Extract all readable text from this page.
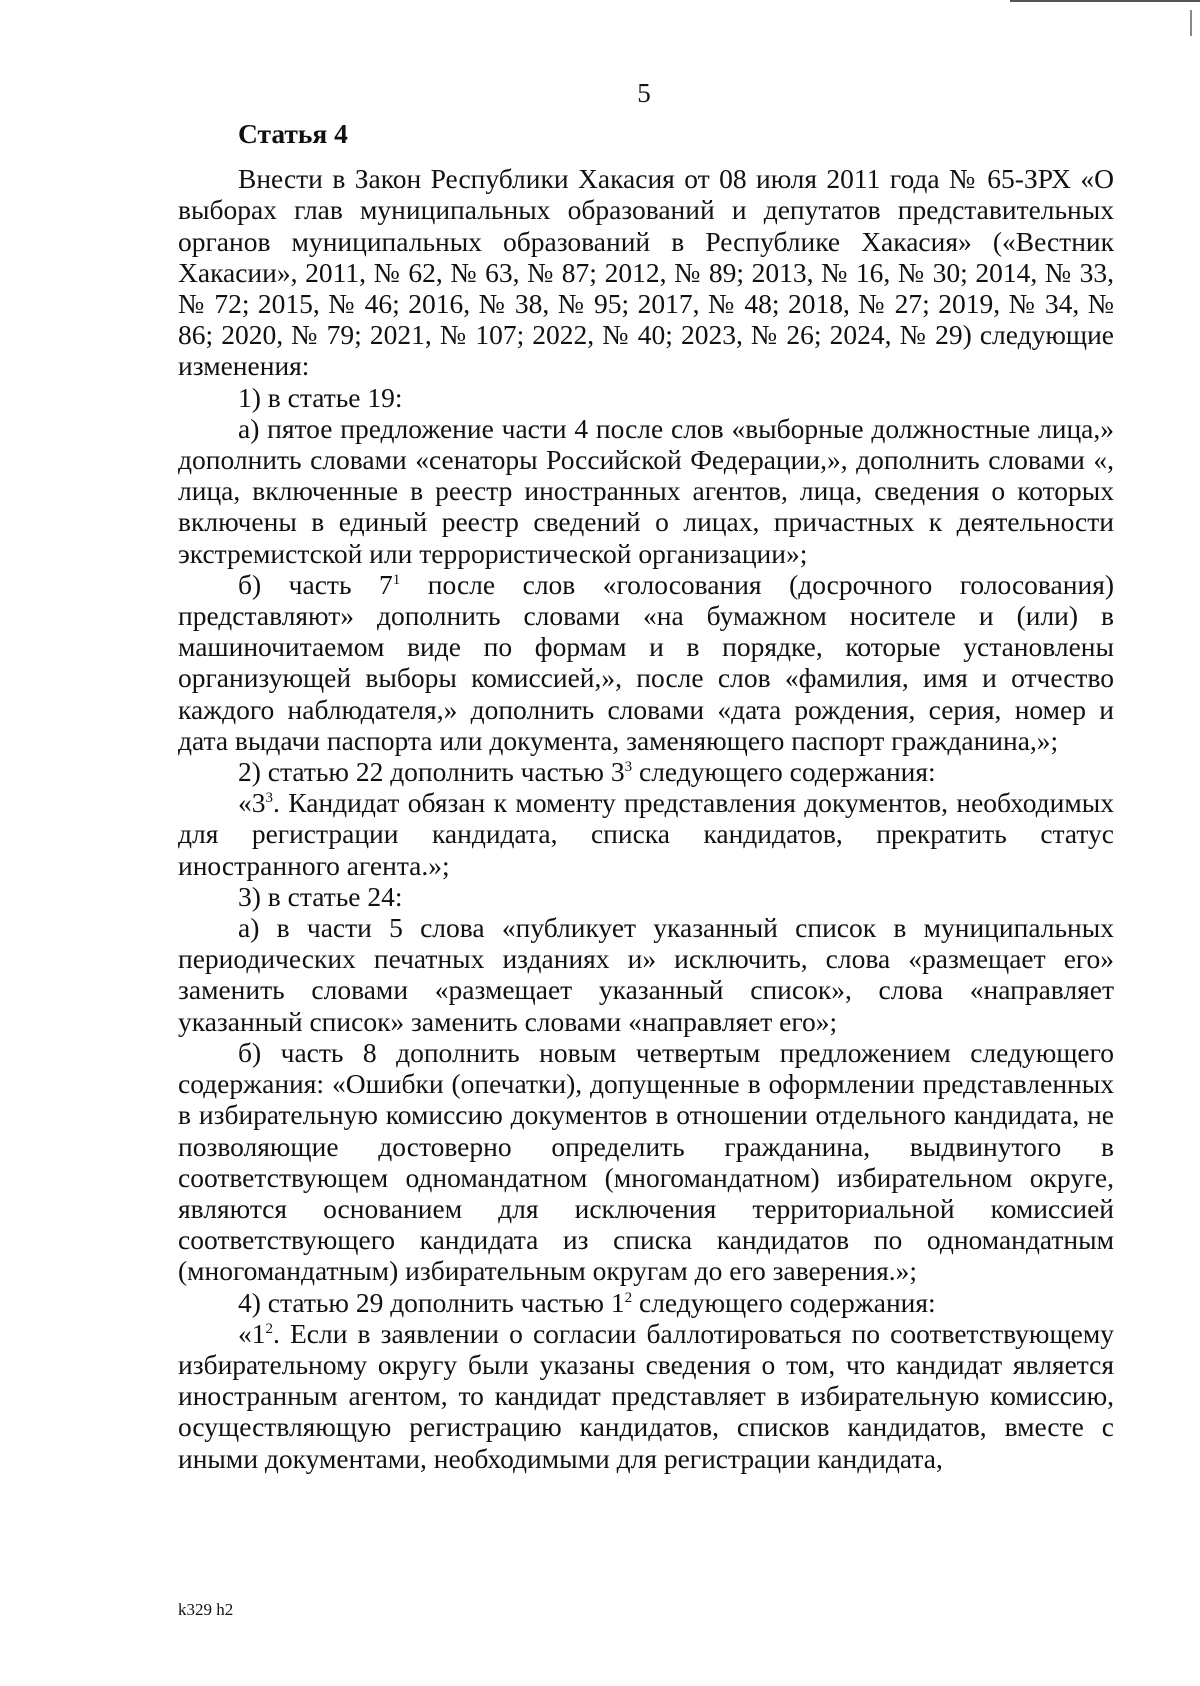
5
Статья 4

Внести в Закон Республики Хакасия от 08 июля 2011 года № 65-ЗРХ «О выборах глав муниципальных образований и депутатов представительных органов муниципальных образований в Республике Хакасия» («Вестник Хакасии», 2011, № 62, № 63, № 87; 2012, № 89; 2013, № 16, № 30; 2014, № 33, № 72; 2015, № 46; 2016, № 38, № 95; 2017, № 48; 2018, № 27; 2019, № 34, № 86; 2020, № 79; 2021, № 107; 2022, № 40; 2023, № 26; 2024, № 29) следующие изменения:

1) в статье 19:

а) пятое предложение части 4 после слов «выборные должностные лица,» дополнить словами «сенаторы Российской Федерации,», дополнить словами «, лица, включенные в реестр иностранных агентов, лица, сведения о которых включены в единый реестр сведений о лицах, причастных к деятельности экстремистской или террористической организации»;

б) часть $7^1$ после слов «голосования (досрочного голосования) представляют» дополнить словами «на бумажном носителе и (или) в машиночитаемом виде по формам и в порядке, которые установлены организующей выборы комиссией,», после слов «фамилия, имя и отчество каждого наблюдателя,» дополнить словами «дата рождения, серия, номер и дата выдачи паспорта или документа, заменяющего паспорт гражданина,»;

2) статью 22 дополнить частью $3^3$ следующего содержания:

«$3^3$. Кандидат обязан к моменту представления документов, необходимых для регистрации кандидата, списка кандидатов, прекратить статус иностранного агента.»;

3) в статье 24:

а) в части 5 слова «публикует указанный список в муниципальных периодических печатных изданиях и» исключить, слова «размещает его» заменить словами «размещает указанный список», слова «направляет указанный список» заменить словами «направляет его»;

б) часть 8 дополнить новым четвертым предложением следующего содержания: «Ошибки (опечатки), допущенные в оформлении представленных в избирательную комиссию документов в отношении отдельного кандидата, не позволяющие достоверно определить гражданина, выдвинутого в соответствующем одномандатном (многомандатном) избирательном округе, являются основанием для исключения территориальной комиссией соответствующего кандидата из списка кандидатов по одномандатным (многомандатным) избирательным округам до его заверения.»;

4) статью 29 дополнить частью $1^2$ следующего содержания:

«$1^2$. Если в заявлении о согласии баллотироваться по соответствующему избирательному округу были указаны сведения о том, что кандидат является иностранным агентом, то кандидат представляет в избирательную комиссию, осуществляющую регистрацию кандидатов, списков кандидатов, вместе с иными документами, необходимыми для регистрации кандидата,

k329 h2
